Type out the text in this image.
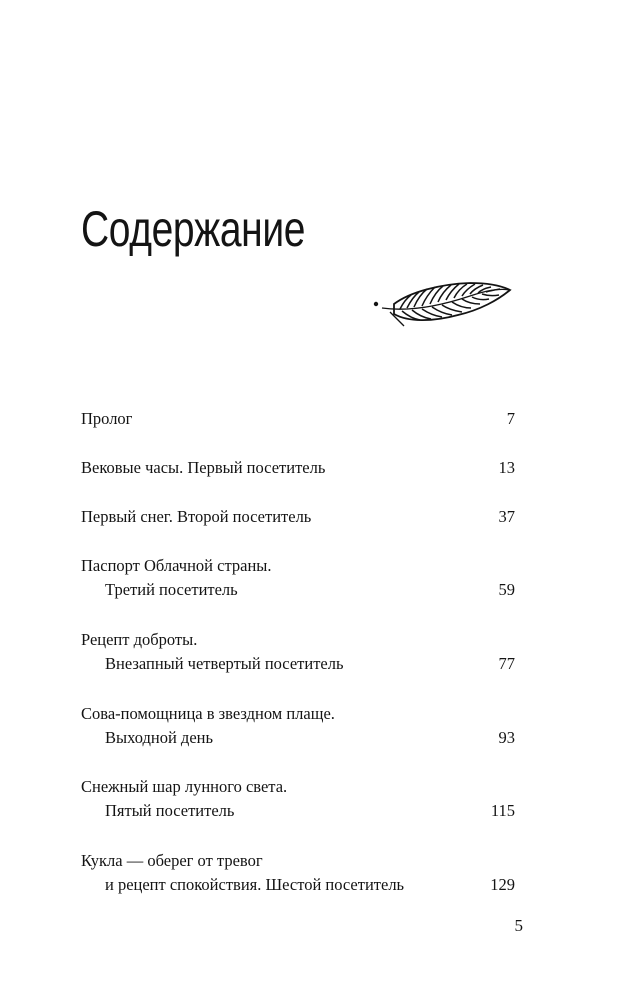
Содержание
Пролог	7
Вековые часы. Первый посетитель	13
Первый снег. Второй посетитель	37
Паспорт Облачной страны.
Третий посетитель	59
Рецепт доброты.
Внезапный четвертый посетитель	77
Сова-помощница в звездном плаще.
Выходной день	93
Снежный шар лунного света.
Пятый посетитель	115
Кукла — оберег от тревог
и рецепт спокойствия. Шестой посетитель	129
5
